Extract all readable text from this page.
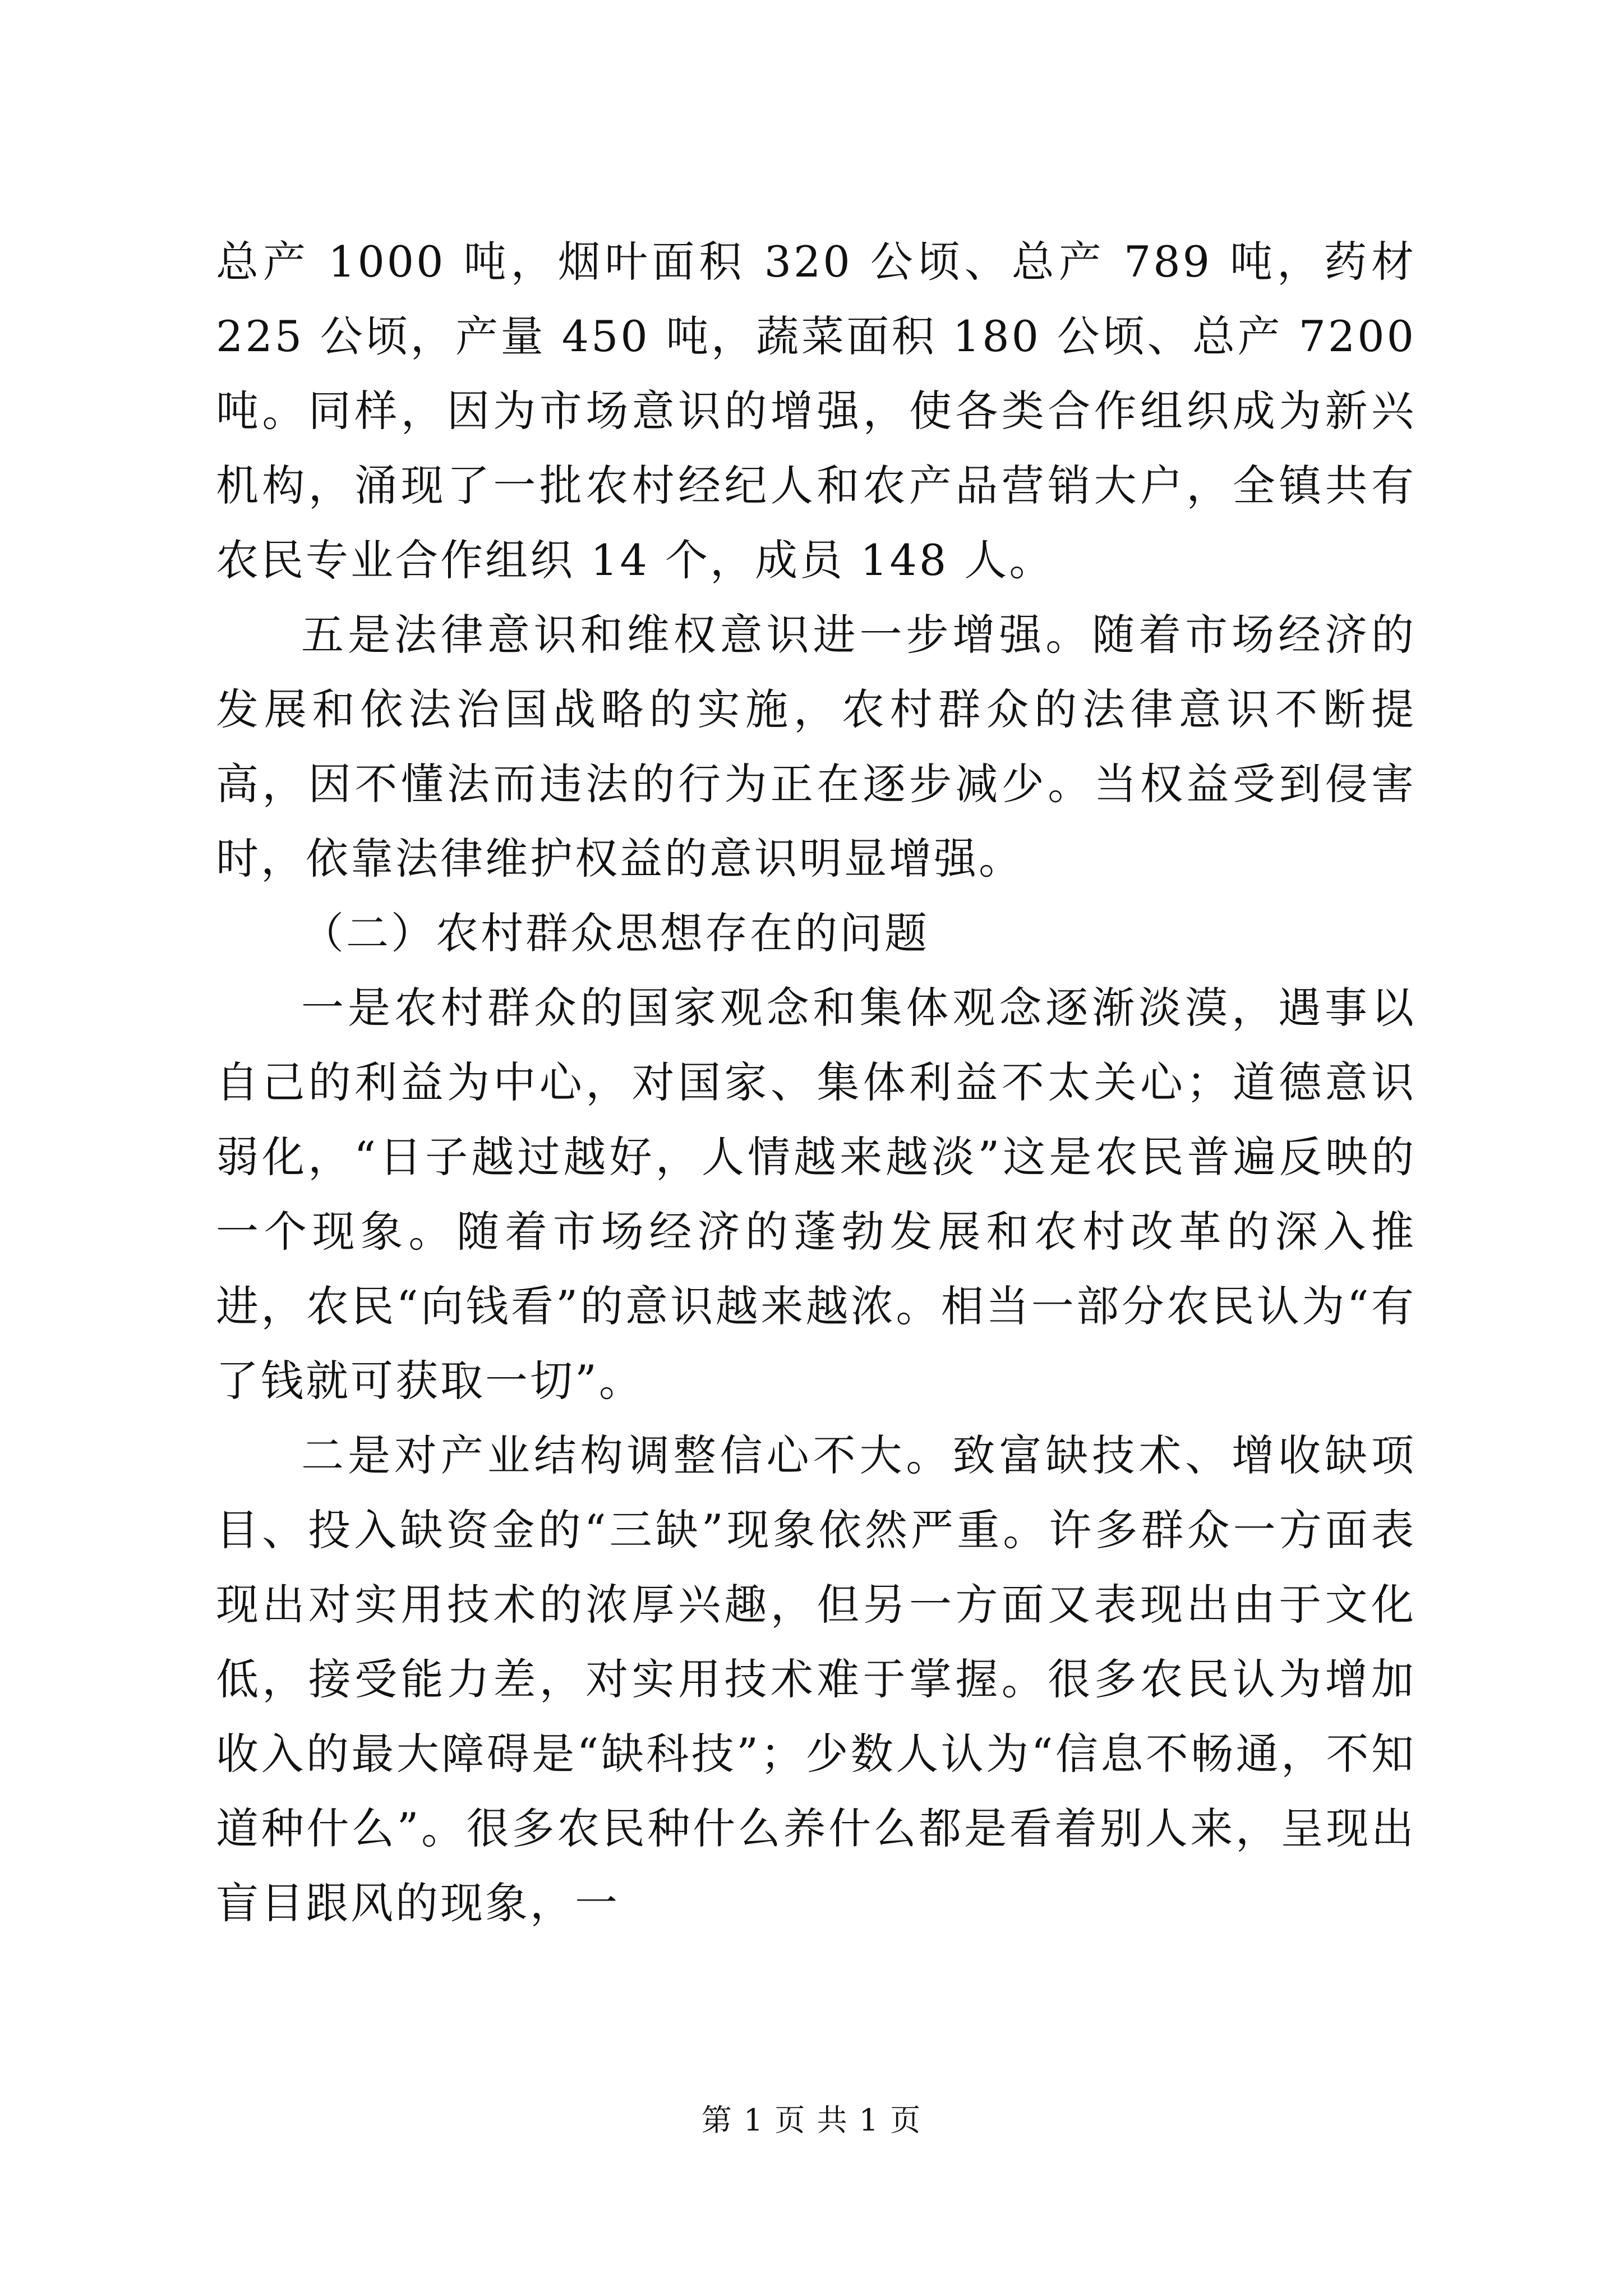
总产 1000 吨，烟叶面积 320 公顷、总产 789 吨，药材 225 公顷，产量 450 吨，蔬菜面积 180 公顷、总产 7200 吨。同样，因为市场意识的增强，使各类合作组织成为新兴机构，涌现了一批农村经纪人和农产品营销大户，全镇共有农民专业合作组织 14 个，成员 148 人。

五是法律意识和维权意识进一步增强。随着市场经济的发展和依法治国战略的实施，农村群众的法律意识不断提高，因不懂法而违法的行为正在逐步减少。当权益受到侵害时，依靠法律维护权益的意识明显增强。

（二）农村群众思想存在的问题

一是农村群众的国家观念和集体观念逐渐淡漠，遇事以自己的利益为中心，对国家、集体利益不太关心；道德意识弱化，“日子越过越好，人情越来越淡”这是农民普遍反映的一个现象。随着市场经济的蓬勃发展和农村改革的深入推进，农民“向钱看”的意识越来越浓。相当一部分农民认为“有了钱就可获取一切”。

二是对产业结构调整信心不大。致富缺技术、增收缺项目、投入缺资金的“三缺”现象依然严重。许多群众一方面表现出对实用技术的浓厚兴趣，但另一方面又表现出由于文化低，接受能力差，对实用技术难于掌握。很多农民认为增加收入的最大障碍是“缺科技”；少数人认为“信息不畅通，不知道种什么”。很多农民种什么养什么都是看着别人来，呈现出盲目跟风的现象，一

第 1 页 共 1 页
